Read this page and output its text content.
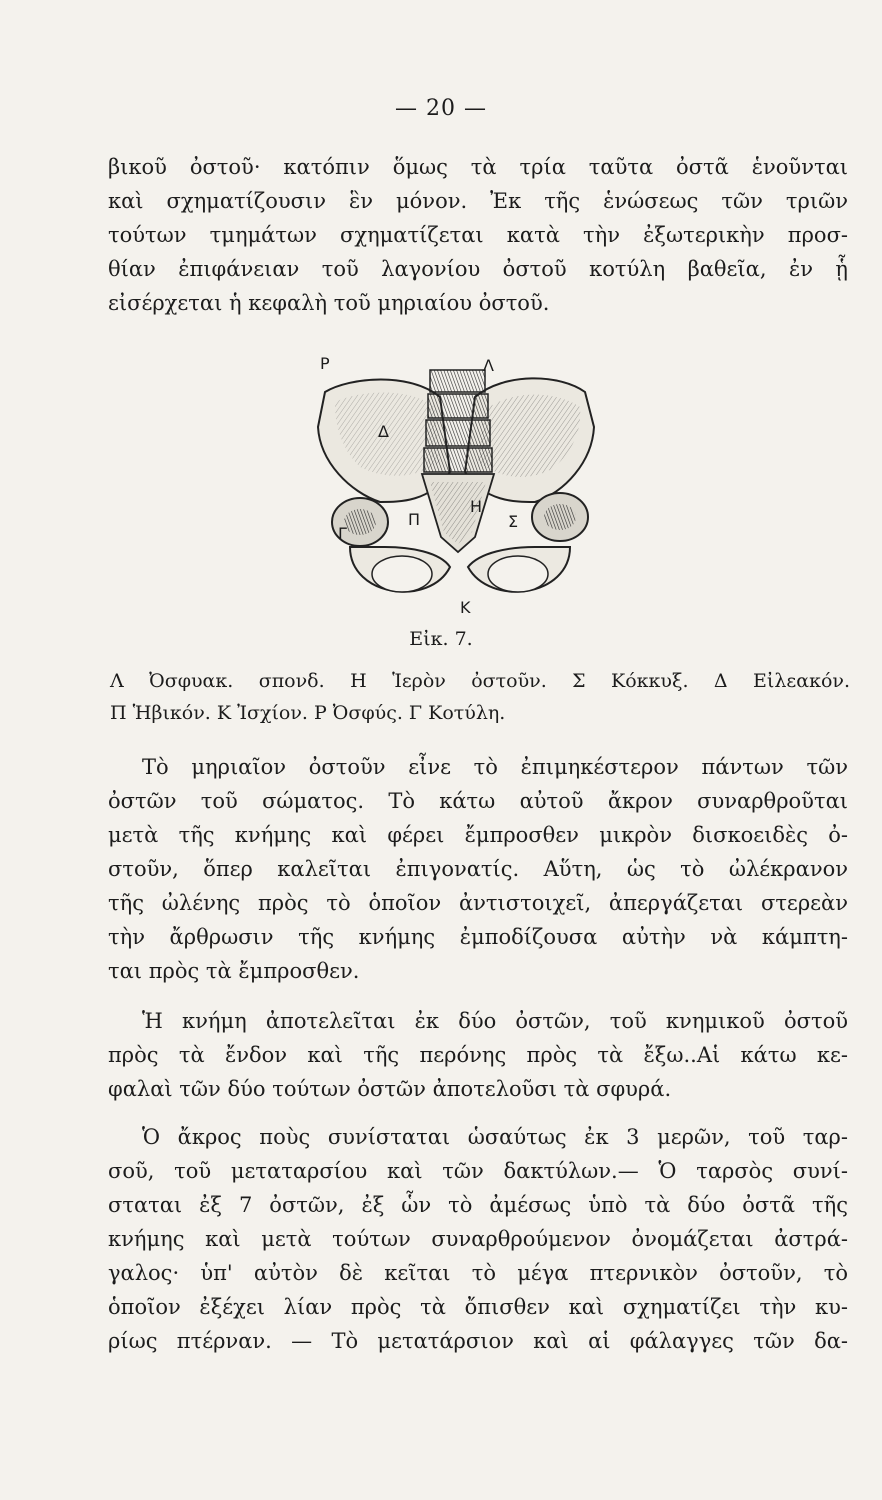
— 20 —
βικοῦ ὀστοῦ· κατόπιν ὅμως τὰ τρία ταῦτα ὀστᾶ ἑνοῦνται
καὶ σχηματίζουσιν ἓν μόνον. Ἐκ τῆς ἑνώσεως τῶν τριῶν
τούτων τμημάτων σχηματίζεται κατὰ τὴν ἐξωτερικὴν προσ-
θίαν ἐπιφάνειαν τοῦ λαγονίου ὀστοῦ κοτύλη βαθεῖα, ἐν ᾗ
εἰσέρχεται ἡ κεφαλὴ τοῦ μηριαίου ὀστοῦ.
Ρ	Λ
Δ
Γ
Π
Η
Σ
Κ
Εἰκ. 7.
Λ Ὀσφυακ. σπονδ. Η Ἱερὸν ὀστοῦν. Σ Κόκκυξ. Δ Εἰλεακόν.
Π Ἡβικόν. Κ Ἰσχίον. Ρ Ὀσφύς. Γ Κοτύλη.
Τὸ μηριαῖον ὀστοῦν εἶνε τὸ ἐπιμηκέστερον πάντων τῶν
ὀστῶν τοῦ σώματος. Τὸ κάτω αὐτοῦ ἄκρον συναρθροῦται
μετὰ τῆς κνήμης καὶ φέρει ἔμπροσθεν μικρὸν δισκοειδὲς ὀ-
στοῦν, ὅπερ καλεῖται ἐπιγονατίς. Αὕτη, ὡς τὸ ὠλέκρανον
τῆς ὠλένης πρὸς τὸ ὁποῖον ἀντιστοιχεῖ, ἀπεργάζεται στερεὰν
τὴν ἄρθρωσιν τῆς κνήμης ἐμποδίζουσα αὐτὴν νὰ κάμπτη-
ται πρὸς τὰ ἔμπροσθεν.
Ἡ κνήμη ἀποτελεῖται ἐκ δύο ὀστῶν, τοῦ κνημικοῦ ὀστοῦ
πρὸς τὰ ἔνδον καὶ τῆς περόνης πρὸς τὰ ἔξω..Αἱ κάτω κε-
φαλαὶ τῶν δύο τούτων ὀστῶν ἀποτελοῦσι τὰ σφυρά.
Ὁ ἄκρος ποὺς συνίσταται ὡσαύτως ἐκ 3 μερῶν, τοῦ ταρ-
σοῦ, τοῦ μεταταρσίου καὶ τῶν δακτύλων.— Ὁ ταρσὸς συνί-
σταται ἐξ 7 ὀστῶν, ἐξ ὧν τὸ ἀμέσως ὑπὸ τὰ δύο ὀστᾶ τῆς
κνήμης καὶ μετὰ τούτων συναρθρούμενον ὀνομάζεται ἀστρά-
γαλος· ὑπ' αὐτὸν δὲ κεῖται τὸ μέγα πτερνικὸν ὀστοῦν, τὸ
ὁποῖον ἐξέχει λίαν πρὸς τὰ ὄπισθεν καὶ σχηματίζει τὴν κυ-
ρίως πτέρναν. — Τὸ μετατάρσιον καὶ αἱ φάλαγγες τῶν δα-
